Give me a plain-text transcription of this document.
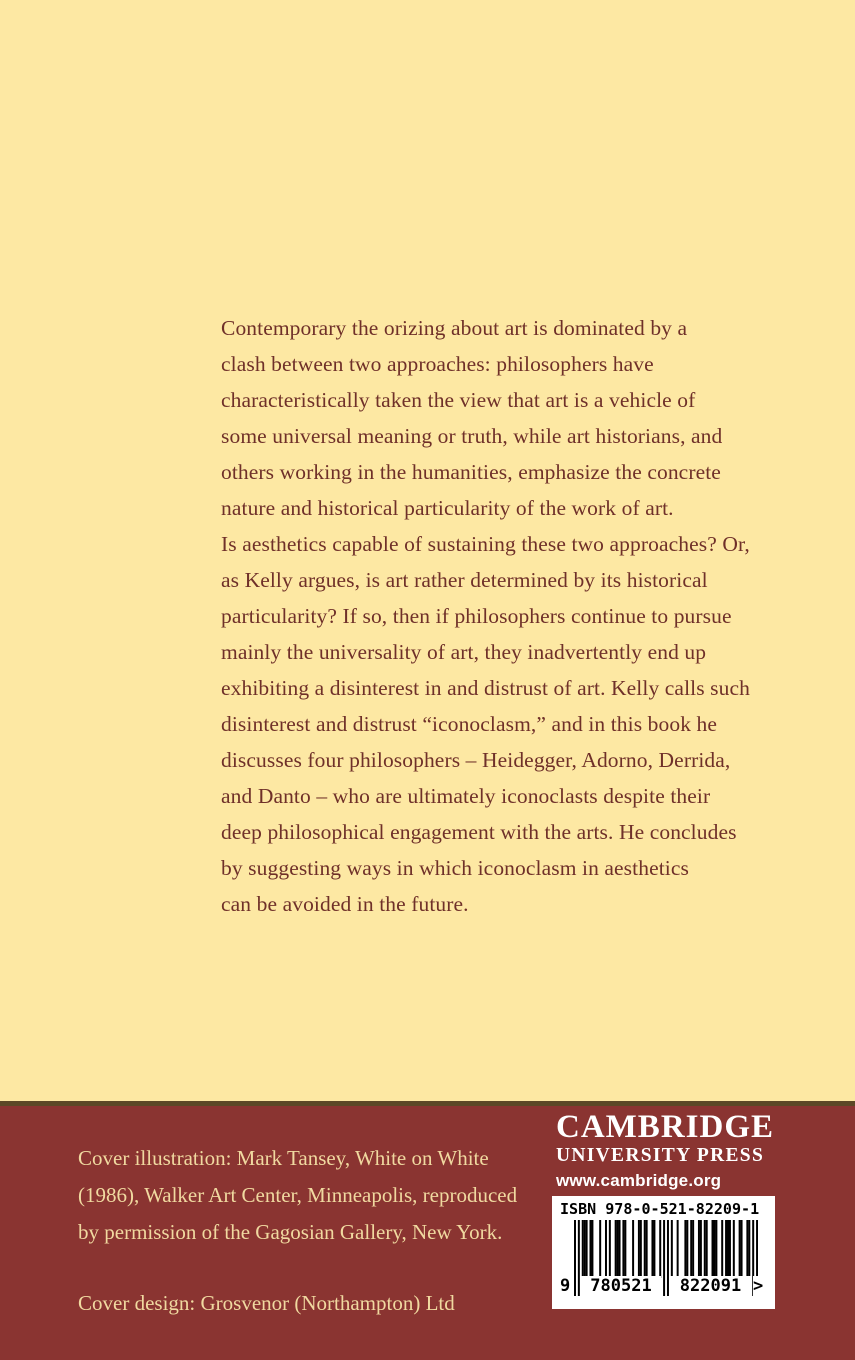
Contemporary the orizing about art is dominated by a
clash between two approaches: philosophers have
characteristically taken the view that art is a vehicle of
some universal meaning or truth, while art historians, and
others working in the humanities, emphasize the concrete
nature and historical particularity of the work of art.
Is aesthetics capable of sustaining these two approaches? Or,
as Kelly argues, is art rather determined by its historical
particularity? If so, then if philosophers continue to pursue
mainly the universality of art, they inadvertently end up
exhibiting a disinterest in and distrust of art. Kelly calls such
disinterest and distrust “iconoclasm,” and in this book he
discusses four philosophers – Heidegger, Adorno, Derrida,
and Danto – who are ultimately iconoclasts despite their
deep philosophical engagement with the arts. He concludes
by suggesting ways in which iconoclasm in aesthetics
can be avoided in the future.
Cover illustration: Mark Tansey, White on White
(1986), Walker Art Center, Minneapolis, reproduced
by permission of the Gagosian Gallery, New York.
Cover design: Grosvenor (Northampton) Ltd
CAMBRIDGE
UNIVERSITY PRESS
www.cambridge.org
ISBN 978-0-521-82209-1
9	780521	822091 >
